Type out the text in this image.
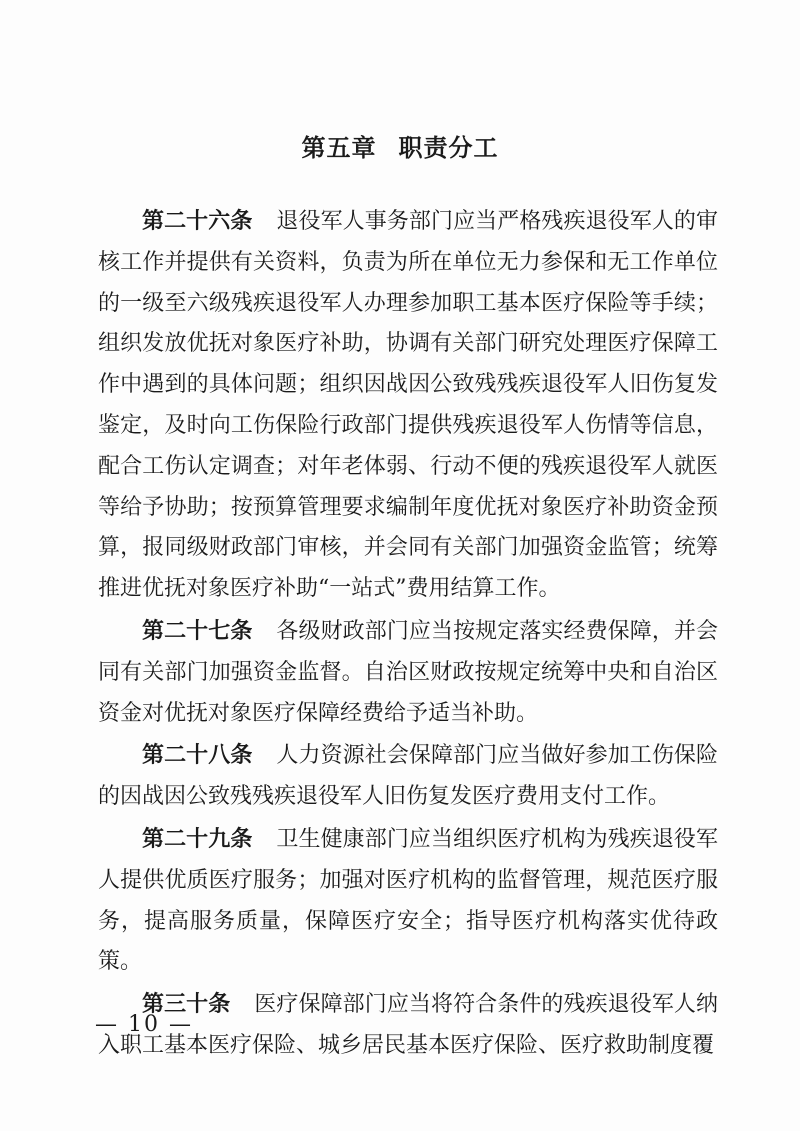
第五章 职责分工

第二十六条 退役军人事务部门应当严格残疾退役军人的审核工作并提供有关资料，负责为所在单位无力参保和无工作单位的一级至六级残疾退役军人办理参加职工基本医疗保险等手续；组织发放优抚对象医疗补助，协调有关部门研究处理医疗保障工作中遇到的具体问题；组织因战因公致残残疾退役军人旧伤复发鉴定，及时向工伤保险行政部门提供残疾退役军人伤情等信息，配合工伤认定调查；对年老体弱、行动不便的残疾退役军人就医等给予协助；按预算管理要求编制年度优抚对象医疗补助资金预算，报同级财政部门审核，并会同有关部门加强资金监管；统筹推进优抚对象医疗补助“一站式”费用结算工作。

第二十七条 各级财政部门应当按规定落实经费保障，并会同有关部门加强资金监督。自治区财政按规定统筹中央和自治区资金对优抚对象医疗保障经费给予适当补助。

第二十八条 人力资源社会保障部门应当做好参加工伤保险的因战因公致残残疾退役军人旧伤复发医疗费用支付工作。

第二十九条 卫生健康部门应当组织医疗机构为残疾退役军人提供优质医疗服务；加强对医疗机构的监督管理，规范医疗服务，提高服务质量，保障医疗安全；指导医疗机构落实优待政策。

第三十条 医疗保障部门应当将符合条件的残疾退役军人纳入职工基本医疗保险、城乡居民基本医疗保险、医疗救助制度覆

— 10 —
